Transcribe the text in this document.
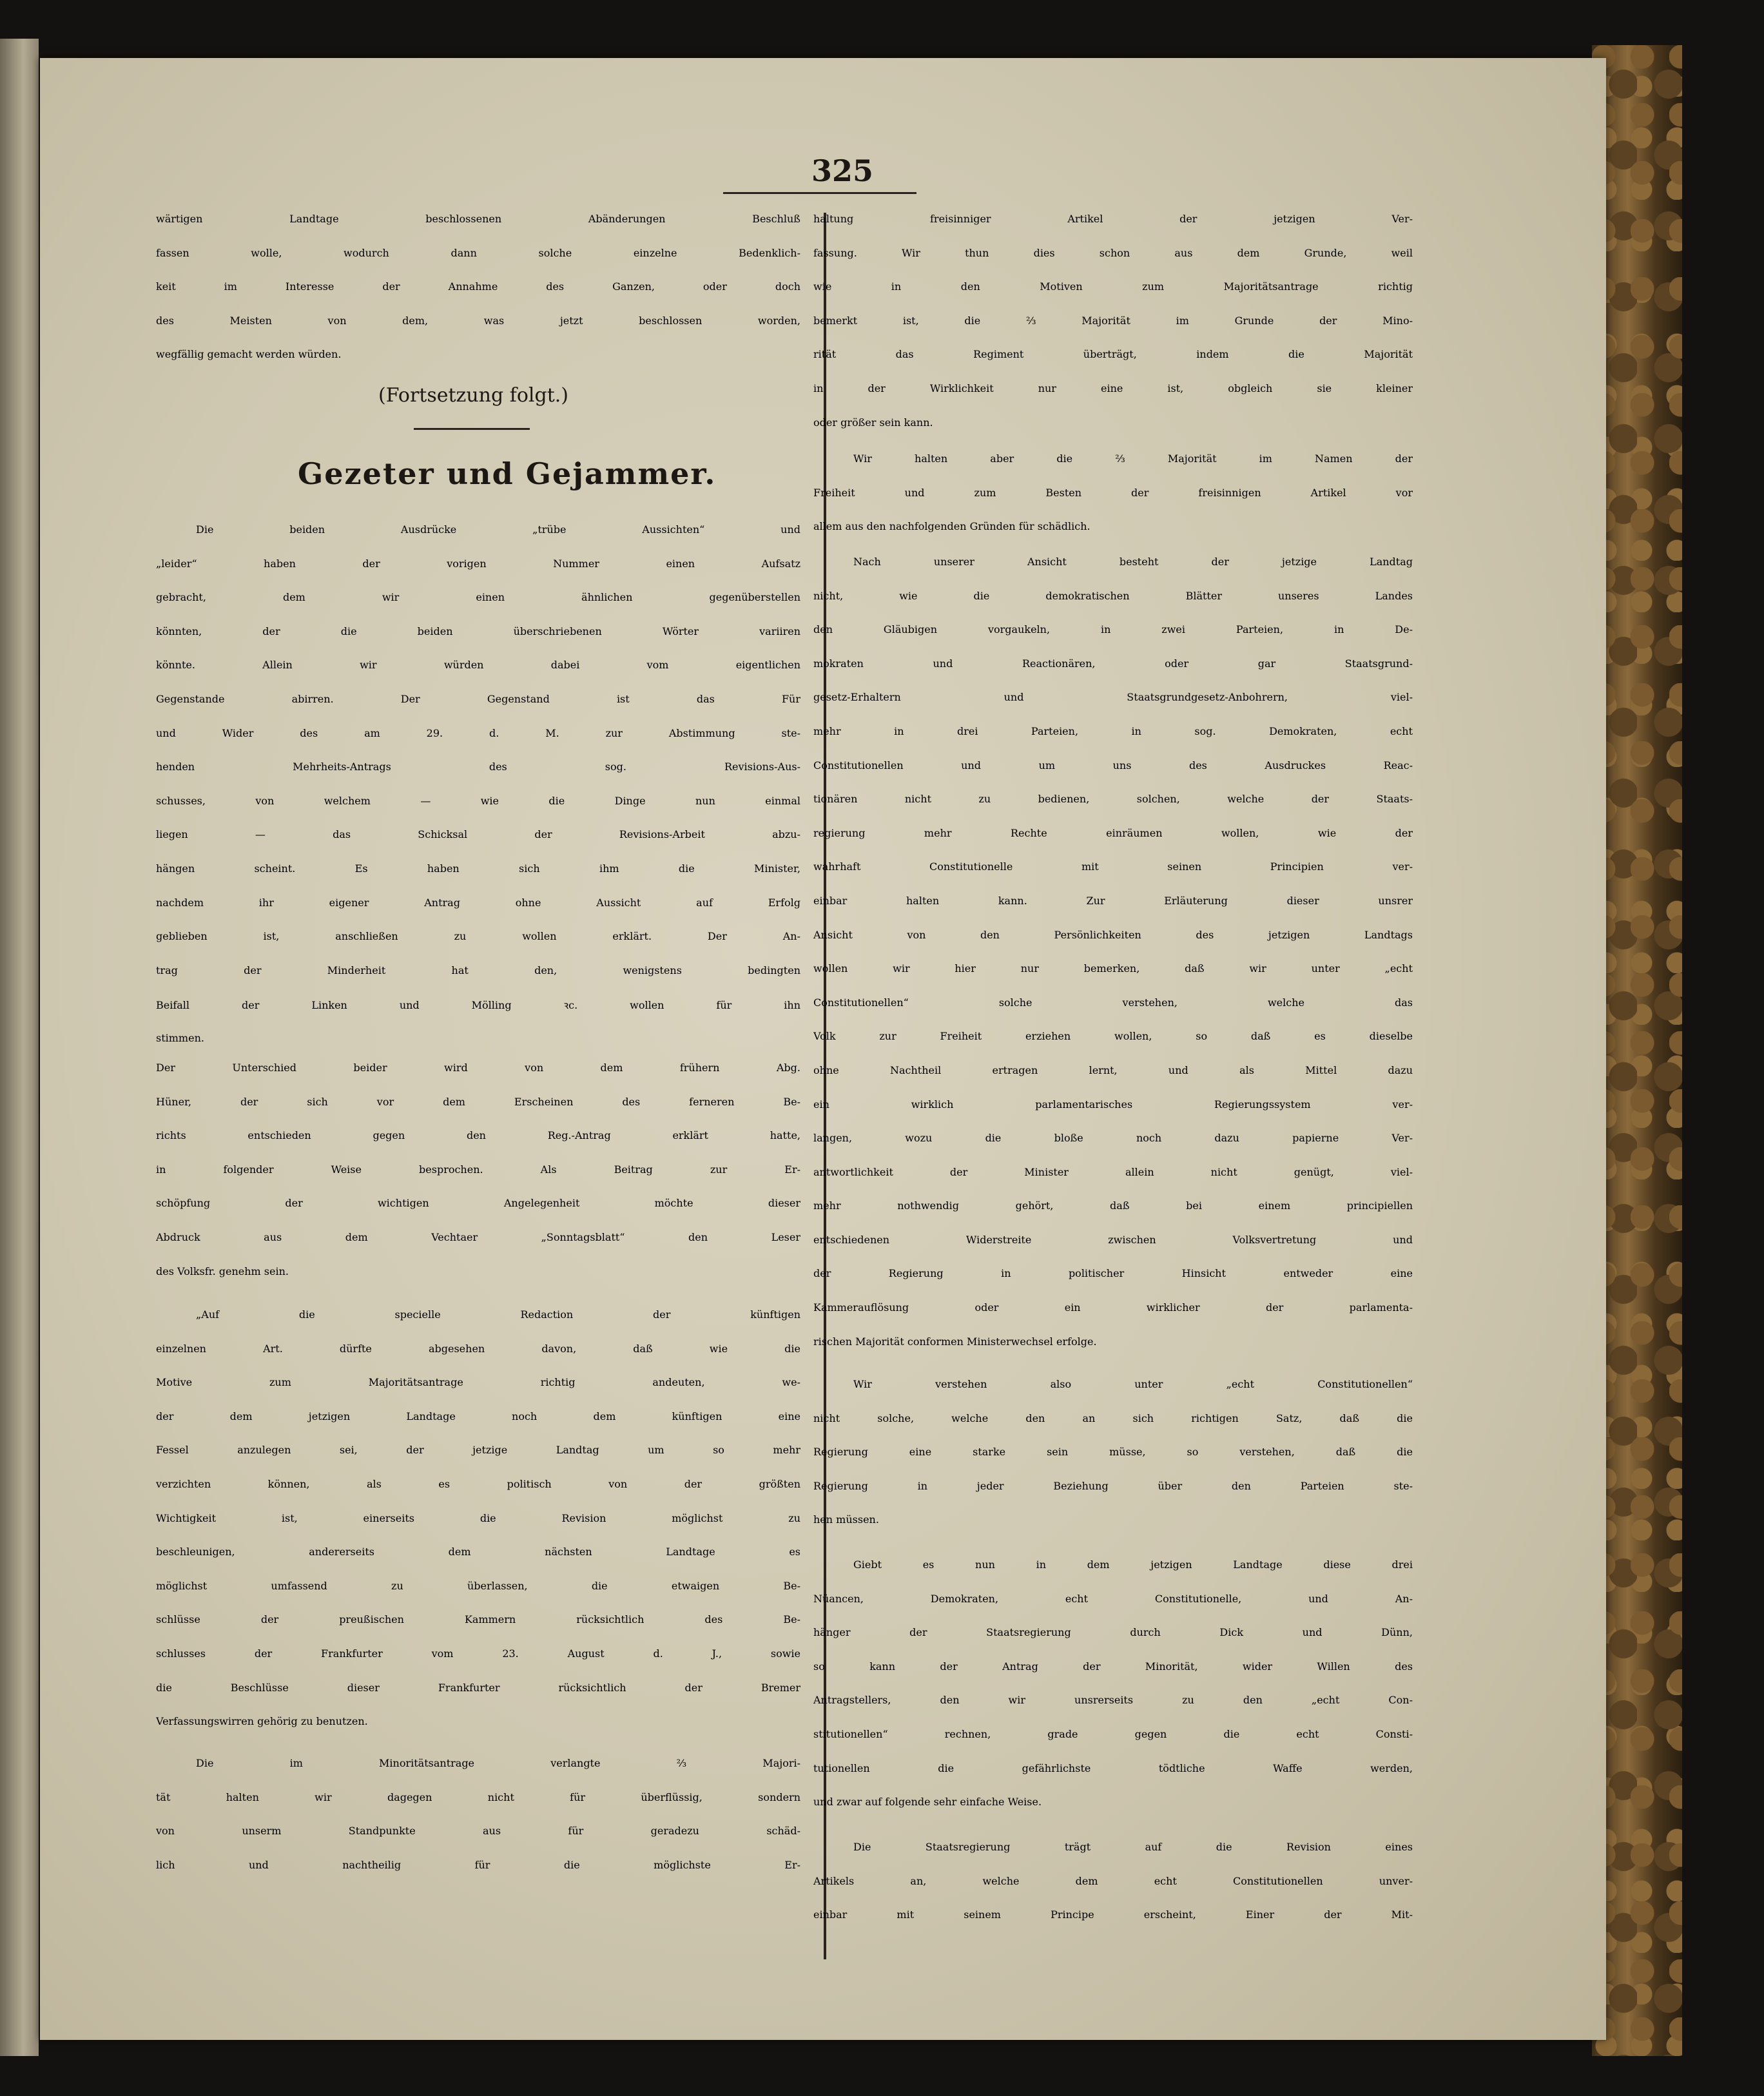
325
wärtigen Landtage beschlossenen Abänderungen Beschluß
fassen wolle, wodurch dann solche einzelne Bedenklich-
keit im Interesse der Annahme des Ganzen, oder doch
des Meisten von dem, was jetzt beschlossen worden,
wegfällig gemacht werden würden.
(Fortsetzung folgt.)
Gezeter und Gejammer.
Die beiden Ausdrücke „trübe Aussichten“ und
„leider“ haben der vorigen Nummer einen Aufsatz
gebracht, dem wir einen ähnlichen gegenüberstellen
könnten, der die beiden überschriebenen Wörter variiren
könnte. Allein wir würden dabei vom eigentlichen
Gegenstande abirren. Der Gegenstand ist das Für
und Wider des am 29. d. M. zur Abstimmung ste-
henden Mehrheits-Antrags des sog. Revisions-Aus-
schusses, von welchem — wie die Dinge nun einmal
liegen — das Schicksal der Revisions-Arbeit abzu-
hängen scheint. Es haben sich ihm die Minister,
nachdem ihr eigener Antrag ohne Aussicht auf Erfolg
geblieben ist, anschließen zu wollen erklärt. Der An-
trag der Minderheit hat den, wenigstens bedingten
Beifall der Linken und Mölling ꝛc. wollen für ihn
stimmen.
Der Unterschied beider wird von dem frühern Abg.
Hüner, der sich vor dem Erscheinen des ferneren Be-
richts entschieden gegen den Reg.-Antrag erklärt hatte,
in folgender Weise besprochen. Als Beitrag zur Er-
schöpfung der wichtigen Angelegenheit möchte dieser
Abdruck aus dem Vechtaer „Sonntagsblatt“ den Leser
des Volksfr. genehm sein.
„Auf die specielle Redaction der künftigen
einzelnen Art. dürfte abgesehen davon, daß wie die
Motive zum Majoritätsantrage richtig andeuten, we-
der dem jetzigen Landtage noch dem künftigen eine
Fessel anzulegen sei, der jetzige Landtag um so mehr
verzichten können, als es politisch von der größten
Wichtigkeit ist, einerseits die Revision möglichst zu
beschleunigen, andererseits dem nächsten Landtage es
möglichst umfassend zu überlassen, die etwaigen Be-
schlüsse der preußischen Kammern rücksichtlich des Be-
schlusses der Frankfurter vom 23. August d. J., sowie
die Beschlüsse dieser Frankfurter rücksichtlich der Bremer
Verfassungswirren gehörig zu benutzen.
Die im Minoritätsantrage verlangte ⅔ Majori-
tät halten wir dagegen nicht für überflüssig, sondern
von unserm Standpunkte aus für geradezu schäd-
lich und nachtheilig für die möglichste Er-
haltung freisinniger Artikel der jetzigen Ver-
fassung. Wir thun dies schon aus dem Grunde, weil
wie in den Motiven zum Majoritätsantrage richtig
bemerkt ist, die ⅔ Majorität im Grunde der Mino-
rität das Regiment überträgt, indem die Majorität
in der Wirklichkeit nur eine ist, obgleich sie kleiner
oder größer sein kann.
Wir halten aber die ⅔ Majorität im Namen der
Freiheit und zum Besten der freisinnigen Artikel vor
allem aus den nachfolgenden Gründen für schädlich.
Nach unserer Ansicht besteht der jetzige Landtag
nicht, wie die demokratischen Blätter unseres Landes
den Gläubigen vorgaukeln, in zwei Parteien, in De-
mokraten und Reactionären, oder gar Staatsgrund-
gesetz-Erhaltern und Staatsgrundgesetz-Anbohrern, viel-
mehr in drei Parteien, in sog. Demokraten, echt
Constitutionellen und um uns des Ausdruckes Reac-
tionären nicht zu bedienen, solchen, welche der Staats-
regierung mehr Rechte einräumen wollen, wie der
wahrhaft Constitutionelle mit seinen Principien ver-
einbar halten kann. Zur Erläuterung dieser unsrer
Ansicht von den Persönlichkeiten des jetzigen Landtags
wollen wir hier nur bemerken, daß wir unter „echt
Constitutionellen“ solche verstehen, welche das
Volk zur Freiheit erziehen wollen, so daß es dieselbe
ohne Nachtheil ertragen lernt, und als Mittel dazu
ein wirklich parlamentarisches Regierungssystem ver-
langen, wozu die bloße noch dazu papierne Ver-
antwortlichkeit der Minister allein nicht genügt, viel-
mehr nothwendig gehört, daß bei einem principiellen
entschiedenen Widerstreite zwischen Volksvertretung und
der Regierung in politischer Hinsicht entweder eine
Kammerauflösung oder ein wirklicher der parlamenta-
rischen Majorität conformen Ministerwechsel erfolge.
Wir verstehen also unter „echt Constitutionellen“
nicht solche, welche den an sich richtigen Satz, daß die
Regierung eine starke sein müsse, so verstehen, daß die
Regierung in jeder Beziehung über den Parteien ste-
hen müssen.
Giebt es nun in dem jetzigen Landtage diese drei
Nüancen, Demokraten, echt Constitutionelle, und An-
hänger der Staatsregierung durch Dick und Dünn,
so kann der Antrag der Minorität, wider Willen des
Antragstellers, den wir unsrerseits zu den „echt Con-
stitutionellen“ rechnen, grade gegen die echt Consti-
tutionellen die gefährlichste tödtliche Waffe werden,
und zwar auf folgende sehr einfache Weise.
Die Staatsregierung trägt auf die Revision eines
Artikels an, welche dem echt Constitutionellen unver-
einbar mit seinem Principe erscheint, Einer der Mit-
